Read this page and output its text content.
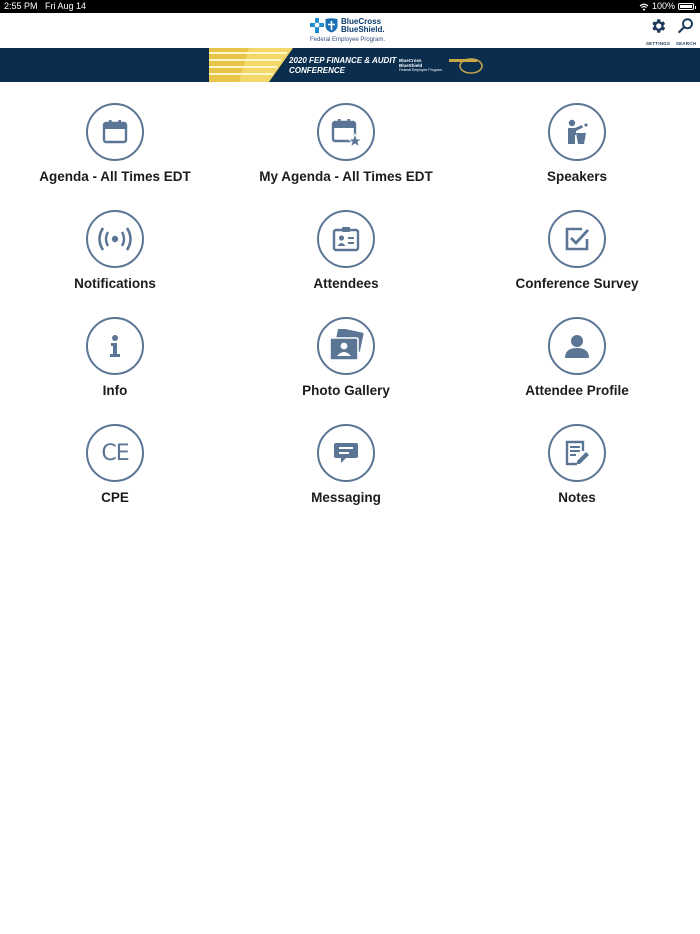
2:55 PM Fri Aug 14	100%
BlueCross
BlueShield.
Federal Employee Program.
SETTINGS	SEARCH
2020 FEP FINANCE & AUDIT
CONFERENCE
BlueCross
BlueShield
Federal Employee Program.
Agenda - All Times EDT	My Agenda - All Times EDT	Speakers
Notifications	Attendees	Conference Survey
Info	Photo Gallery	Attendee Profile
CE
CPE	Messaging	Notes
